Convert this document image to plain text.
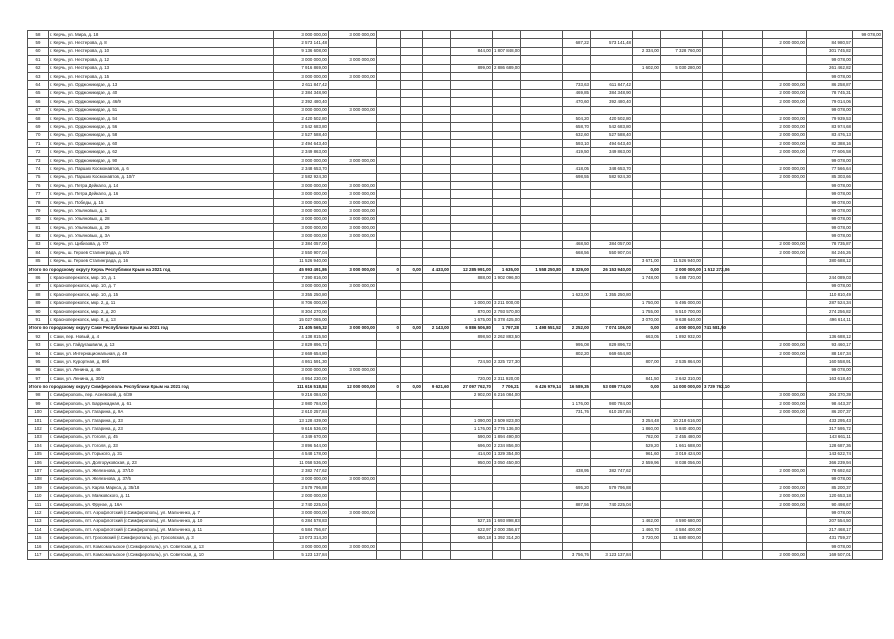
58	г. Керчь, ул. Мира, д. 18	3 000 000,00	3 000 000,00															99 078,00
59	г. Керчь, ул. Нестерова, д. 8	2 573 141,48								687,22	573 141,48					2 000 000,00	84 980,57	
60	г. Керчь, ул. Нестерова, д. 10	9 136 608,00					844,00	1 807 848,00				2 334,00	7 328 760,00				301 745,82	
61	г. Керчь, ул. Нестерова, д. 12	3 000 000,00	3 000 000,00														99 078,00	
62	г. Керчь, ул. Нестерова, д. 13	7 916 869,00					899,00	2 886 689,00				1 602,00	5 030 280,00				261 462,82	
63	г. Керчь, ул. Нестерова, д. 15	3 000 000,00	3 000 000,00														99 078,00	
64	г. Керчь, ул. Орджоникидзе, д. 13	2 611 847,42								733,63	611 847,42					2 000 000,00	86 258,87	
65	г. Керчь, ул. Орджоникидзе, д. 40	2 384 348,90								469,85	384 348,90					2 000 000,00	78 745,31	
66	г. Керчь, ул. Орджоникидзе, д. 46/9	2 392 480,40								470,60	392 480,40					2 000 000,00	79 014,06	
67	г. Керчь, ул. Орджоникидзе, д. 51	3 000 000,00	3 000 000,00														99 078,00	
68	г. Керчь, ул. Орджоникидзе, д. 54	2 420 502,80								504,20	420 502,80					2 000 000,00	79 939,53	
69	г. Керчь, ул. Орджоникидзе, д. 56	2 542 683,80								658,70	542 683,80					2 000 000,00	83 974,68	
70	г. Керчь, ул. Орджоникидзе, д. 58	2 527 588,40								632,60	527 588,40					2 000 000,00	83 476,13	
71	г. Керчь, ул. Орджоникидзе, д. 60	2 494 643,40								593,10	494 643,40					2 000 000,00	82 388,16	
72	г. Керчь, ул. Орджоникидзе, д. 62	2 349 863,00								419,50	349 863,00					2 000 000,00	77 606,58	
73	г. Керчь, ул. Орджоникидзе, д. 90	3 000 000,00	3 000 000,00														99 078,00	
74	г. Керчь, ул. Парших Космонавтов, д. 6	2 348 653,70								418,05	348 653,70					2 000 000,00	77 566,64	
75	г. Керчь, ул. Парших Космонавтов, д. 10/7	2 582 924,30								698,55	582 924,30					2 000 000,00	85 303,66	
76	г. Керчь, ул. Петра Дейкало, д. 14	3 000 000,00	3 000 000,00														99 078,00	
77	г. Керчь, ул. Петра Дейкало, д. 16	3 000 000,00	3 000 000,00														99 078,00	
78	г. Керчь, ул. Победы, д. 15	3 000 000,00	3 000 000,00														99 078,00	
79	г. Керчь, ул. Ульяновых, д. 1	3 000 000,00	3 000 000,00														99 078,00	
80	г. Керчь, ул. Ульяновых, д. 28	3 000 000,00	3 000 000,00														99 078,00	
81	г. Керчь, ул. Ульяновых, д. 29	3 000 000,00	3 000 000,00														99 078,00	
82	г. Керчь, ул. Ульяновых, д. 3А	3 000 000,00	3 000 000,00														99 078,00	
83	г. Керчь, ул. Цибизова, д. 7/7	2 384 057,00								468,50	384 057,00					2 000 000,00	78 735,87	
84	г. Керчь, ш. Героев Сталинграда, д. 8/2	2 550 907,04								668,56	550 907,04					2 000 000,00	84 246,26	
85	г. Керчь, ш. Героев Сталинграда, д. 16	11 526 940,00										3 671,00	11 526 940,00				380 688,12	
Итого по городскому округу Керчь Республики Крым на 2021 год		45 993 491,86	3 000 000,00	0	0,00	4 433,00	12 285 991,00	1 635,00	1 558 250,80	8 329,00	26 153 940,00	0,00	2 000 000,00	1 512 272,06				
86	г. Красноперекопск, мкр. 10, д. 1	7 390 816,00					888,00	1 902 096,00				1 748,00	5 488 720,00				244 089,03	
87	г. Красноперекопск, мкр. 10, д. 7	3 000 000,00	3 000 000,00														99 078,00	
88	г. Красноперекопск, мкр. 10, д. 15	3 355 250,80								1 623,00	1 355 250,80						110 810,49	
89	г. Красноперекопск, мкр. 2, д. 11	8 706 000,00					1 000,00	3 211 000,00				1 750,00	5 495 000,00				287 524,34	
90	г. Красноперекопск, мкр. 2, д. 20	8 304 270,00					870,00	2 793 570,00				1 755,00	5 510 700,00				274 256,82	
91	г. Красноперекопск, мкр. 8, д. 13	15 027 065,00					1 675,00	5 378 425,00				3 070,00	9 638 640,00				496 614,11	
Итого по городскому округу Саки Республики Крым на 2021 год		21 405 565,32	3 000 000,00	0	0,00	2 143,00	6 886 506,80	1 797,28	1 498 551,52	2 252,00	7 074 106,00	0,00	4 000 000,00	741 581,50				
92	г. Саки, пер. Новый, д. 4	4 138 815,50					898,50	2 262 883,50				663,05	1 892 932,00				136 688,12	
93	г. Саки, ул. Гайдугашвили, д. 13	2 829 896,72								995,08	829 896,72					2 000 000,00	93 460,17	
94	г. Саки, ул. Интернациональная, д. 49	2 669 654,80								802,20	669 654,80					2 000 000,00	88 167,34	
95	г. Саки, ул. Курортная, д. 89б	4 861 591,30					724,50	2 325 727,30				807,00	2 535 864,00				160 558,91	
96	г. Саки, ул. Ленина, д. 46	3 000 000,00	3 000 000,00														99 078,00	
97	г. Саки, ул. Ленина, д. 30/2	4 954 230,00					720,00	2 311 920,00				841,50	2 642 310,00				163 618,40	
Итого по городскому округу Симферополь Республики Крым на 2021 год		111 616 518,84	12 000 000,00	0	0,00	9 621,60	27 097 762,70	7 706,21	6 426 979,14	16 589,35	53 089 774,00	0,00	14 000 000,00	3 729 762,10				
98	г. Симферополь, пер. Асеевский, д. 6/39	9 216 084,00					2 902,00	6 216 084,00								3 000 000,00	304 370,39	
99	г. Симферополь, ул. Баррикадная, д. 61	2 980 784,00								1 176,00	980 784,00					2 000 000,00	98 443,37	
100	г. Симферополь, ул. Гагарина, д. 9А	2 610 257,84								731,76	610 257,84					2 000 000,00	86 207,37	
101	г. Симферополь, ул. Гагарина, д. 33	13 128 439,00					1 090,00	3 509 823,00				3 254,48	10 218 616,00				433 295,43	
102	г. Симферополь, ул. Гагарина, д. 23	9 616 536,00					1 176,00	3 776 136,00				1 860,00	5 840 400,00				317 595,72	
103	г. Симферополь, ул. Гоголя, д. 45	4 349 670,00					590,00	1 894 490,00				782,00	2 455 480,00				143 661,11	
104	г. Симферополь, ул. Гоголя, д. 33	3 896 544,00					696,00	2 234 856,00				529,20	1 661 688,00				128 687,36	
105	г. Симферополь, ул. Горького, д. 31	4 548 178,00					414,00	1 329 354,00				961,60	3 019 424,00				143 622,74	
106	г. Симферополь, ул. Долгоруковская, д. 23	11 058 536,00					950,00	3 050 450,00				2 559,96	8 038 056,00				366 239,94	
107	г. Симферополь, ул. Железнова, д. 37/10	2 382 747,62								438,95	382 747,62					2 000 000,00	78 692,62	
108	г. Симферополь, ул. Железнова, д. 37/5	3 000 000,00	3 000 000,00														99 078,00	
109	г. Симферополь, ул. Карла Маркса, д. 35/18	2 579 796,88								695,20	579 796,88					2 000 000,00	85 200,37	
110	г. Симферополь, ул. Маяковского, д. 11	2 000 000,00														2 000 000,00	120 653,18	
111	г. Симферополь, ул. Фрунзе, д. 16А	2 740 225,04								887,56	740 225,04					2 000 000,00	90 498,67	
112	г. Симферополь, пгт. Аэрофлотский (г.Симферополь), ул. Мальченко, д. 7	3 000 000,00	3 000 000,00														99 078,00	
113	г. Симферополь, пгт. Аэрофлотский (г.Симферополь), ул. Мальченко, д. 10	6 284 578,83					527,15	1 693 898,83				1 462,00	4 590 680,00				207 554,50	
114	г. Симферополь, пгт. Аэрофлотский (г.Симферополь), ул. Мальченко, д. 11	6 584 756,67					622,97	2 000 356,67				1 460,70	4 584 400,00				217 468,17	
115	г. Симферополь, пгт. Грэсовский (г.Симферополь), ул. Грэсовская, д. 3	13 073 314,20					650,18	1 392 314,20				3 720,00	11 680 800,00				431 759,27	
116	г. Симферополь, пгт. Комсомольское (г.Симферополь), ул. Советская, д. 13	3 000 000,00	3 000 000,00														99 078,00	
117	г. Симферополь, пгт. Комсомольское (г.Симферополь), ул. Советская, д. 10	5 123 137,84								3 756,76	3 123 137,84					2 000 000,00	169 507,01	
